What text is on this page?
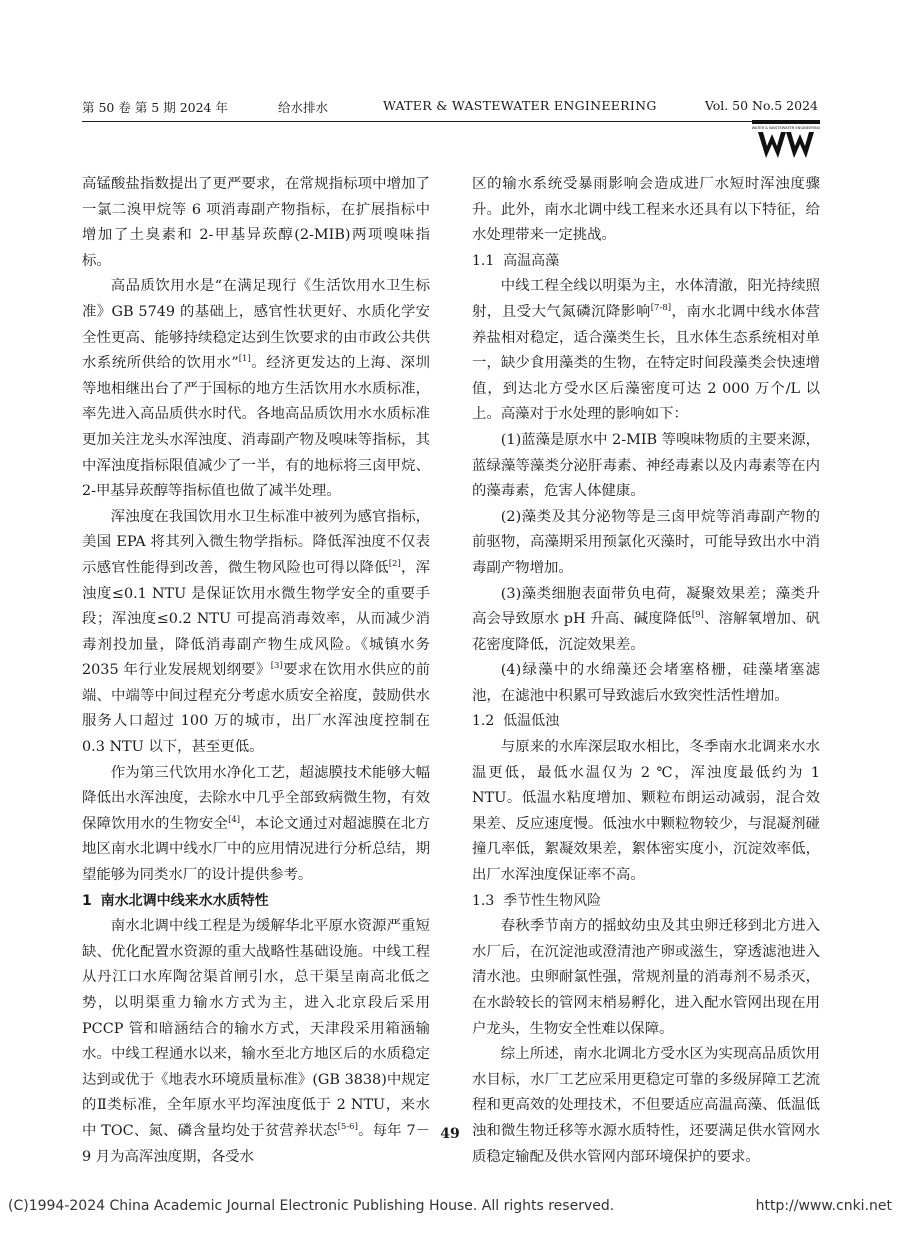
第 50 卷 第 5 期 2024 年	给水排水	WATER & WASTEWATER ENGINEERING	Vol. 50 No.5 2024
WATER & WASTEWATER ENGINEERING

高锰酸盐指数提出了更严要求，在常规指标项中增加了一氯二溴甲烷等 6 项消毒副产物指标，在扩展指标中增加了土臭素和 2-甲基异莰醇(2-MIB)两项嗅味指标。

高品质饮用水是“在满足现行《生活饮用水卫生标准》GB 5749 的基础上，感官性状更好、水质化学安全性更高、能够持续稳定达到生饮要求的由市政公共供水系统所供给的饮用水”[1]。经济更发达的上海、深圳等地相继出台了严于国标的地方生活饮用水水质标准，率先进入高品质供水时代。各地高品质饮用水水质标准更加关注龙头水浑浊度、消毒副产物及嗅味等指标，其中浑浊度指标限值减少了一半，有的地标将三卤甲烷、2-甲基异莰醇等指标值也做了减半处理。

浑浊度在我国饮用水卫生标准中被列为感官指标，美国 EPA 将其列入微生物学指标。降低浑浊度不仅表示感官性能得到改善，微生物风险也可得以降低[2]，浑浊度≤0.1 NTU 是保证饮用水微生物学安全的重要手段；浑浊度≤0.2 NTU 可提高消毒效率，从而减少消毒剂投加量，降低消毒副产物生成风险。《城镇水务 2035 年行业发展规划纲要》[3]要求在饮用水供应的前端、中端等中间过程充分考虑水质安全裕度，鼓励供水服务人口超过 100 万的城市，出厂水浑浊度控制在 0.3 NTU 以下，甚至更低。

作为第三代饮用水净化工艺，超滤膜技术能够大幅降低出水浑浊度，去除水中几乎全部致病微生物，有效保障饮用水的生物安全[4]，本论文通过对超滤膜在北方地区南水北调中线水厂中的应用情况进行分析总结，期望能够为同类水厂的设计提供参考。

1 南水北调中线来水水质特性

南水北调中线工程是为缓解华北平原水资源严重短缺、优化配置水资源的重大战略性基础设施。中线工程从丹江口水库陶岔渠首闸引水，总干渠呈南高北低之势，以明渠重力输水方式为主，进入北京段后采用 PCCP 管和暗涵结合的输水方式，天津段采用箱涵输水。中线工程通水以来，输水至北方地区后的水质稳定达到或优于《地表水环境质量标准》(GB 3838)中规定的Ⅱ类标准，全年原水平均浑浊度低于 2 NTU，来水中 TOC、氮、磷含量均处于贫营养状态[5-6]。每年 7－9 月为高浑浊度期，各受水

区的输水系统受暴雨影响会造成进厂水短时浑浊度骤升。此外，南水北调中线工程来水还具有以下特征，给水处理带来一定挑战。

1.1 高温高藻

中线工程全线以明渠为主，水体清澈，阳光持续照射，且受大气氮磷沉降影响[7-8]，南水北调中线水体营养盐相对稳定，适合藻类生长，且水体生态系统相对单一，缺少食用藻类的生物，在特定时间段藻类会快速增值，到达北方受水区后藻密度可达 2 000 万个/L 以上。高藻对于水处理的影响如下：

(1)蓝藻是原水中 2-MIB 等嗅味物质的主要来源，蓝绿藻等藻类分泌肝毒素、神经毒素以及内毒素等在内的藻毒素，危害人体健康。

(2)藻类及其分泌物等是三卤甲烷等消毒副产物的前驱物，高藻期采用预氯化灭藻时，可能导致出水中消毒副产物增加。

(3)藻类细胞表面带负电荷，凝聚效果差；藻类升高会导致原水 pH 升高、碱度降低[9]、溶解氧增加、矾花密度降低，沉淀效果差。

(4)绿藻中的水绵藻还会堵塞格栅，硅藻堵塞滤池，在滤池中积累可导致滤后水致突性活性增加。

1.2 低温低浊

与原来的水库深层取水相比，冬季南水北调来水水温更低，最低水温仅为 2 ℃，浑浊度最低约为 1 NTU。低温水粘度增加、颗粒布朗运动减弱，混合效果差、反应速度慢。低浊水中颗粒物较少，与混凝剂碰撞几率低，絮凝效果差，絮体密实度小，沉淀效率低，出厂水浑浊度保证率不高。

1.3 季节性生物风险

春秋季节南方的摇蚊幼虫及其虫卵迁移到北方进入水厂后，在沉淀池或澄清池产卵或滋生，穿透滤池进入清水池。虫卵耐氯性强，常规剂量的消毒剂不易杀灭，在水龄较长的管网末梢易孵化，进入配水管网出现在用户龙头，生物安全性难以保障。

综上所述，南水北调北方受水区为实现高品质饮用水目标，水厂工艺应采用更稳定可靠的多级屏障工艺流程和更高效的处理技术，不但要适应高温高藻、低温低浊和微生物迁移等水源水质特性，还要满足供水管网水质稳定输配及供水管网内部环境保护的要求。

49
(C)1994-2024 China Academic Journal Electronic Publishing House. All rights reserved.	http://www.cnki.net
